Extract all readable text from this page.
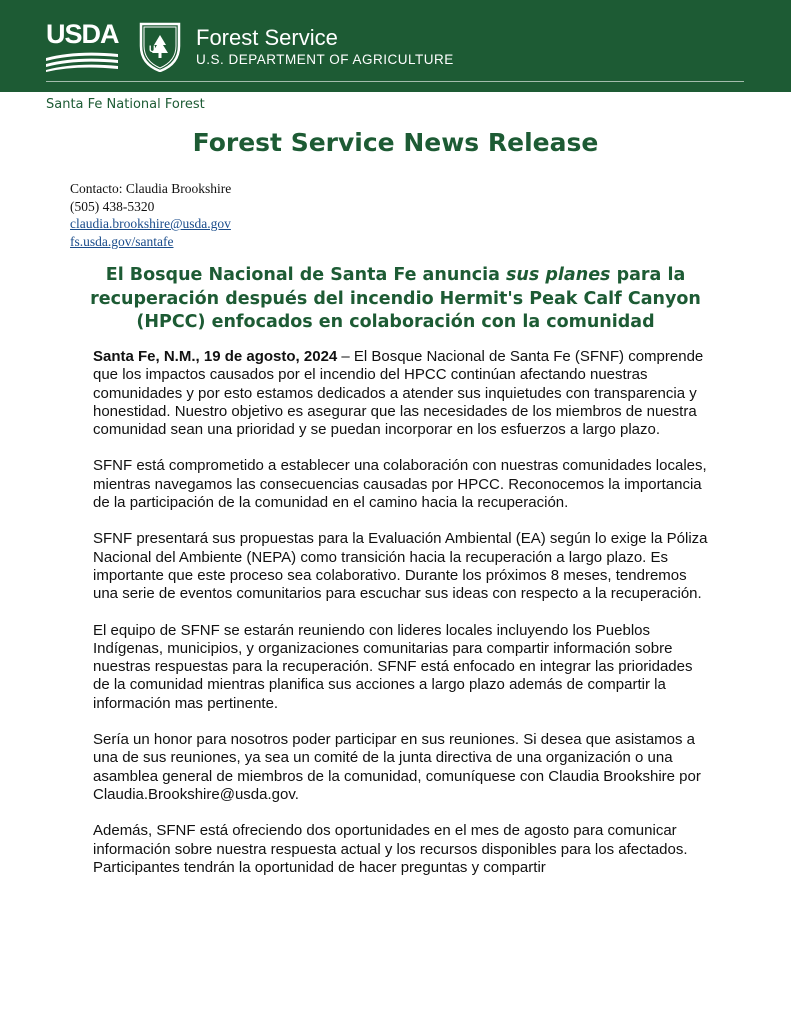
USDA	US Forest Service
U.S. DEPARTMENT OF AGRICULTURE
Santa Fe National Forest
Forest Service News Release
Contacto: Claudia Brookshire
(505) 438-5320
claudia.brookshire@usda.gov
fs.usda.gov/santafe
El Bosque Nacional de Santa Fe anuncia sus planes para la recuperación después del incendio Hermit's Peak Calf Canyon (HPCC) enfocados en colaboración con la comunidad

Santa Fe, N.M., 19 de agosto, 2024 – El Bosque Nacional de Santa Fe (SFNF) comprende que los impactos causados por el incendio del HPCC continúan afectando nuestras comunidades y por esto estamos dedicados a atender sus inquietudes con transparencia y honestidad. Nuestro objetivo es asegurar que las necesidades de los miembros de nuestra comunidad sean una prioridad y se puedan incorporar en los esfuerzos a largo plazo.

SFNF está comprometido a establecer una colaboración con nuestras comunidades locales, mientras navegamos las consecuencias causadas por HPCC. Reconocemos la importancia de la participación de la comunidad en el camino hacia la recuperación.

SFNF presentará sus propuestas para la Evaluación Ambiental (EA) según lo exige la Póliza Nacional del Ambiente (NEPA) como transición hacia la recuperación a largo plazo. Es importante que este proceso sea colaborativo. Durante los próximos 8 meses, tendremos una serie de eventos comunitarios para escuchar sus ideas con respecto a la recuperación.

El equipo de SFNF se estarán reuniendo con lideres locales incluyendo los Pueblos Indígenas, municipios, y organizaciones comunitarias para compartir información sobre nuestras respuestas para la recuperación. SFNF está enfocado en integrar las prioridades de la comunidad mientras planifica sus acciones a largo plazo además de compartir la información mas pertinente.

Sería un honor para nosotros poder participar en sus reuniones. Si desea que asistamos a una de sus reuniones, ya sea un comité de la junta directiva de una organización o una asamblea general de miembros de la comunidad, comuníquese con Claudia Brookshire por Claudia.Brookshire@usda.gov.

Además, SFNF está ofreciendo dos oportunidades en el mes de agosto para comunicar información sobre nuestra respuesta actual y los recursos disponibles para los afectados. Participantes tendrán la oportunidad de hacer preguntas y compartir
